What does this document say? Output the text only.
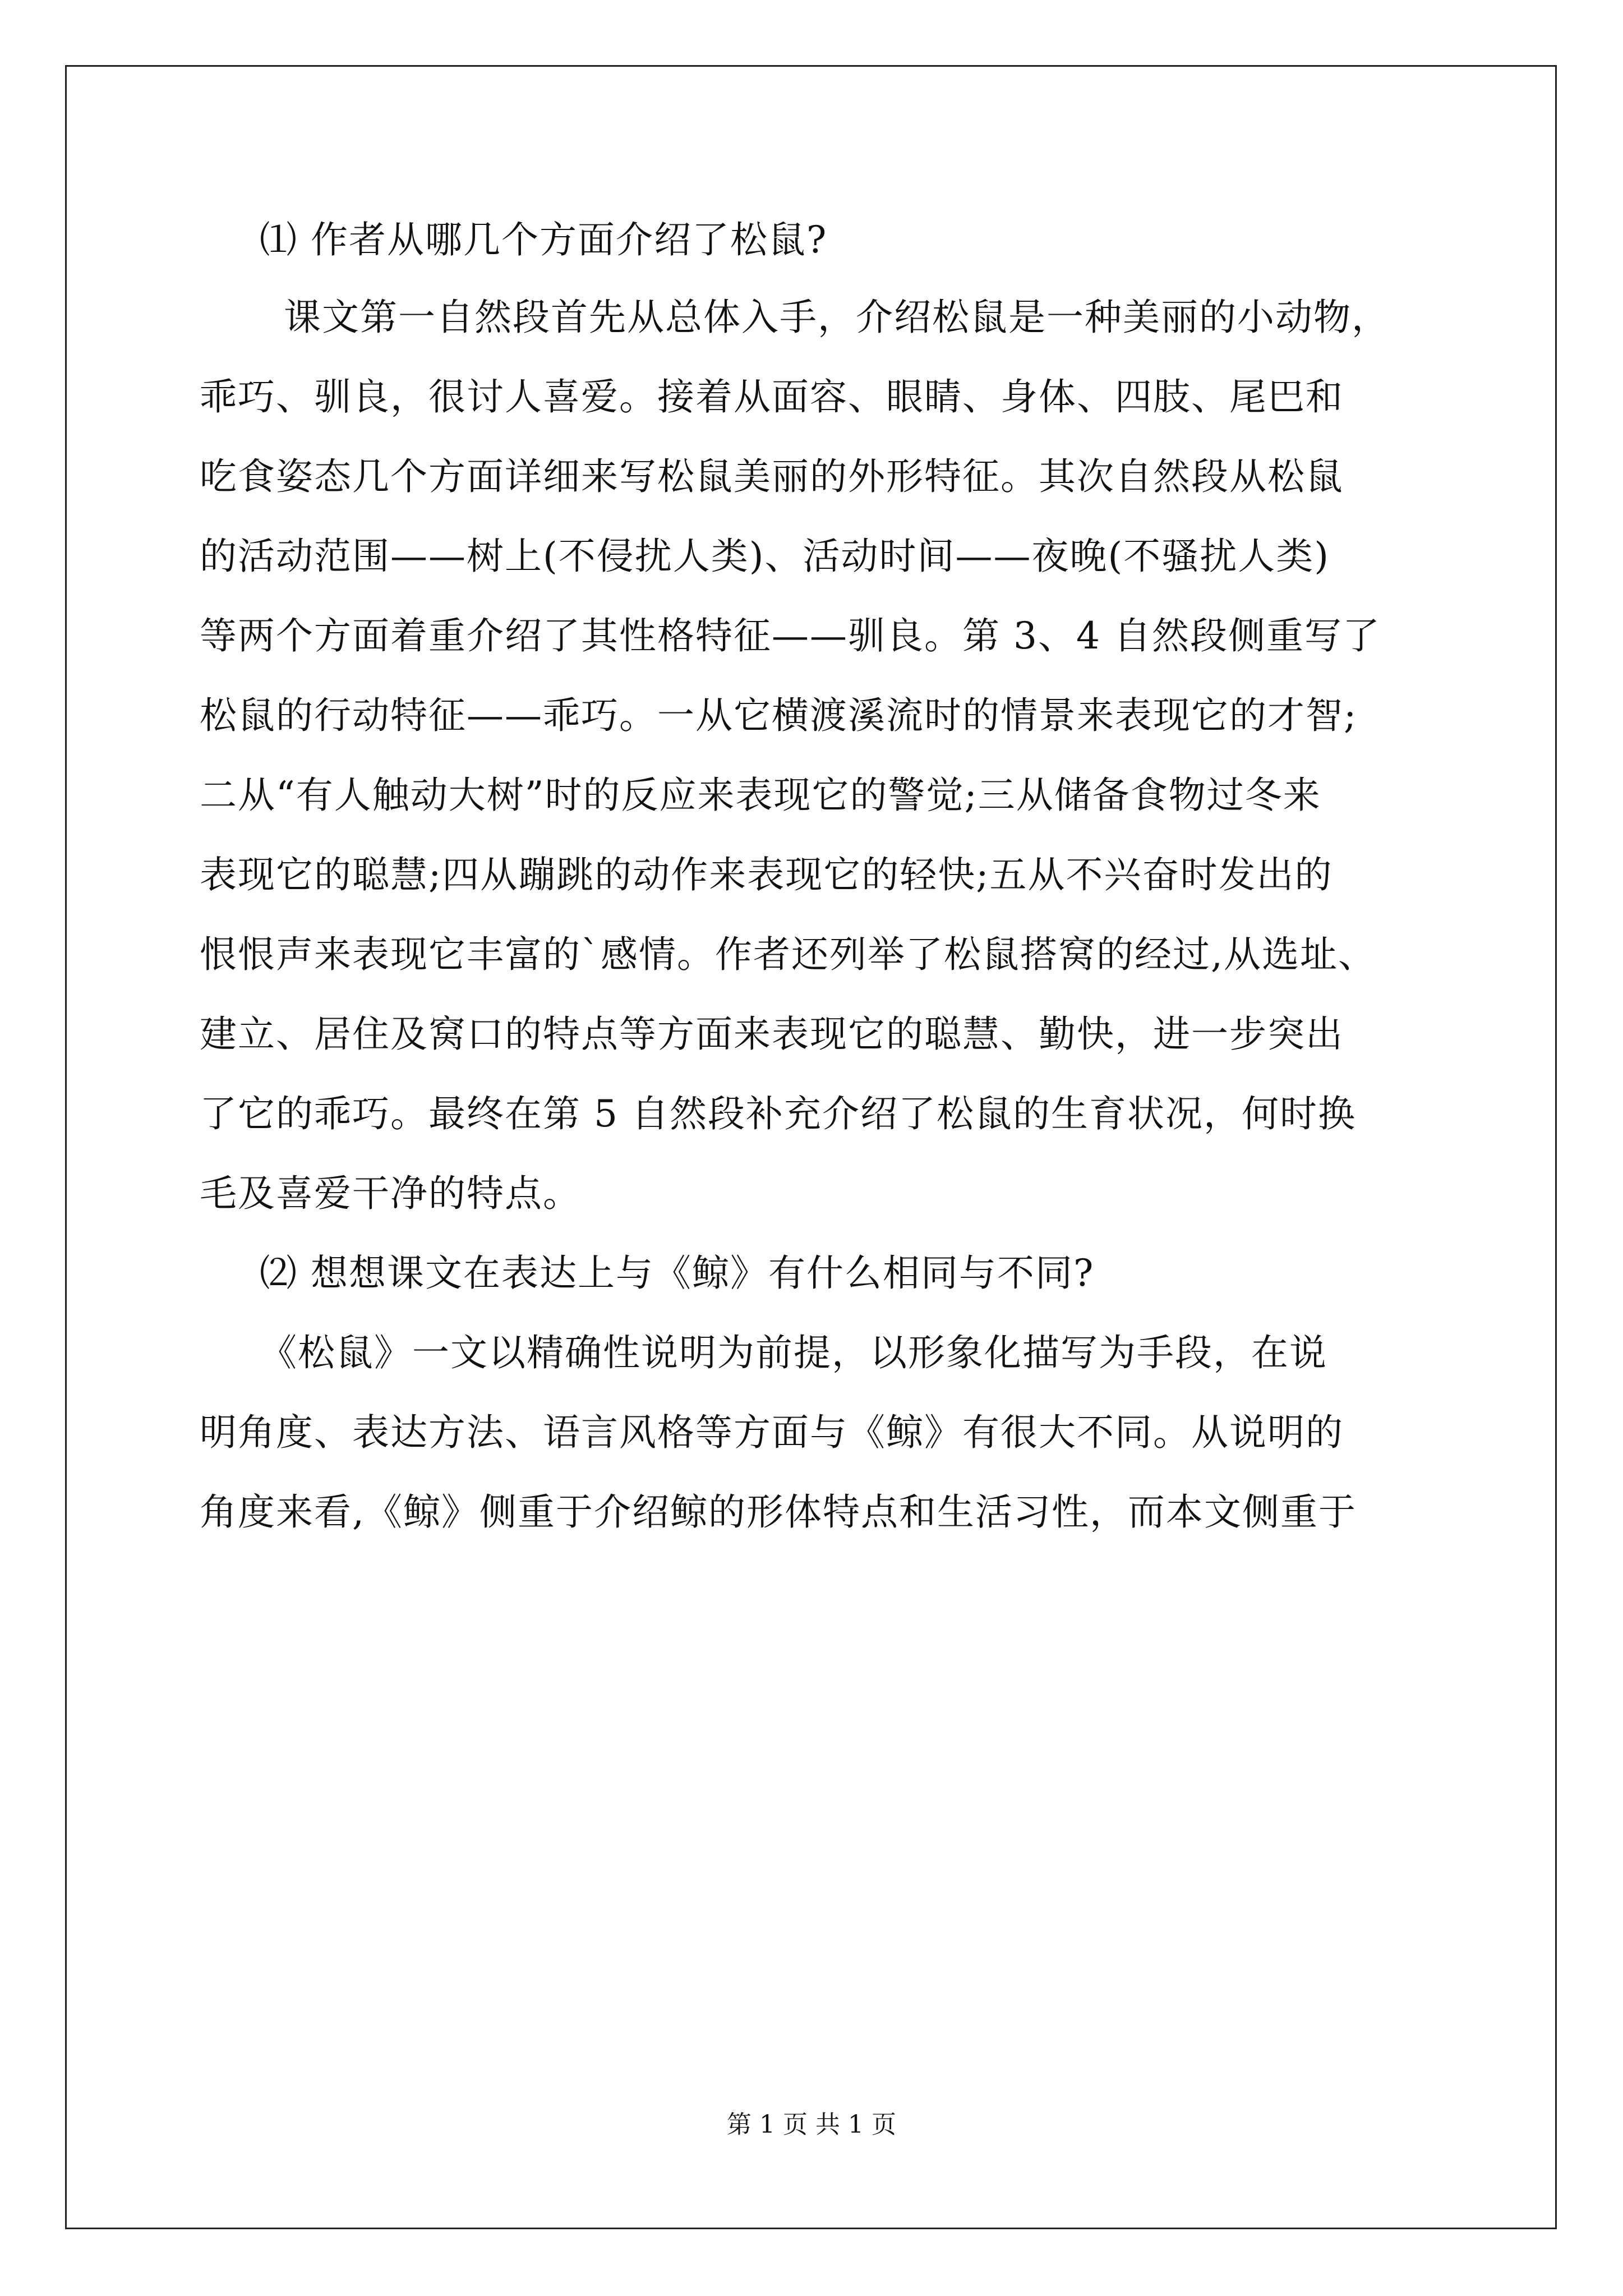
⑴ 作者从哪几个方面介绍了松鼠?
课文第一自然段首先从总体入手，介绍松鼠是一种美丽的小动物，
乖巧、驯良，很讨人喜爱。接着从面容、眼睛、身体、四肢、尾巴和
吃食姿态几个方面详细来写松鼠美丽的外形特征。其次自然段从松鼠
的活动范围——树上(不侵扰人类)、活动时间——夜晚(不骚扰人类)
等两个方面着重介绍了其性格特征——驯良。第 3、4 自然段侧重写了
松鼠的行动特征——乖巧。一从它横渡溪流时的情景来表现它的才智;
二从“有人触动大树”时的反应来表现它的警觉;三从储备食物过冬来
表现它的聪慧;四从蹦跳的动作来表现它的轻快;五从不兴奋时发出的
恨恨声来表现它丰富的`感情。作者还列举了松鼠搭窝的经过,从选址、
建立、居住及窝口的特点等方面来表现它的聪慧、勤快，进一步突出
了它的乖巧。最终在第 5 自然段补充介绍了松鼠的生育状况，何时换
毛及喜爱干净的特点。
⑵ 想想课文在表达上与《鲸》有什么相同与不同?
《松鼠》一文以精确性说明为前提，以形象化描写为手段，在说
明角度、表达方法、语言风格等方面与《鲸》有很大不同。从说明的
角度来看,《鲸》侧重于介绍鲸的形体特点和生活习性，而本文侧重于
第 1 页 共 1 页
